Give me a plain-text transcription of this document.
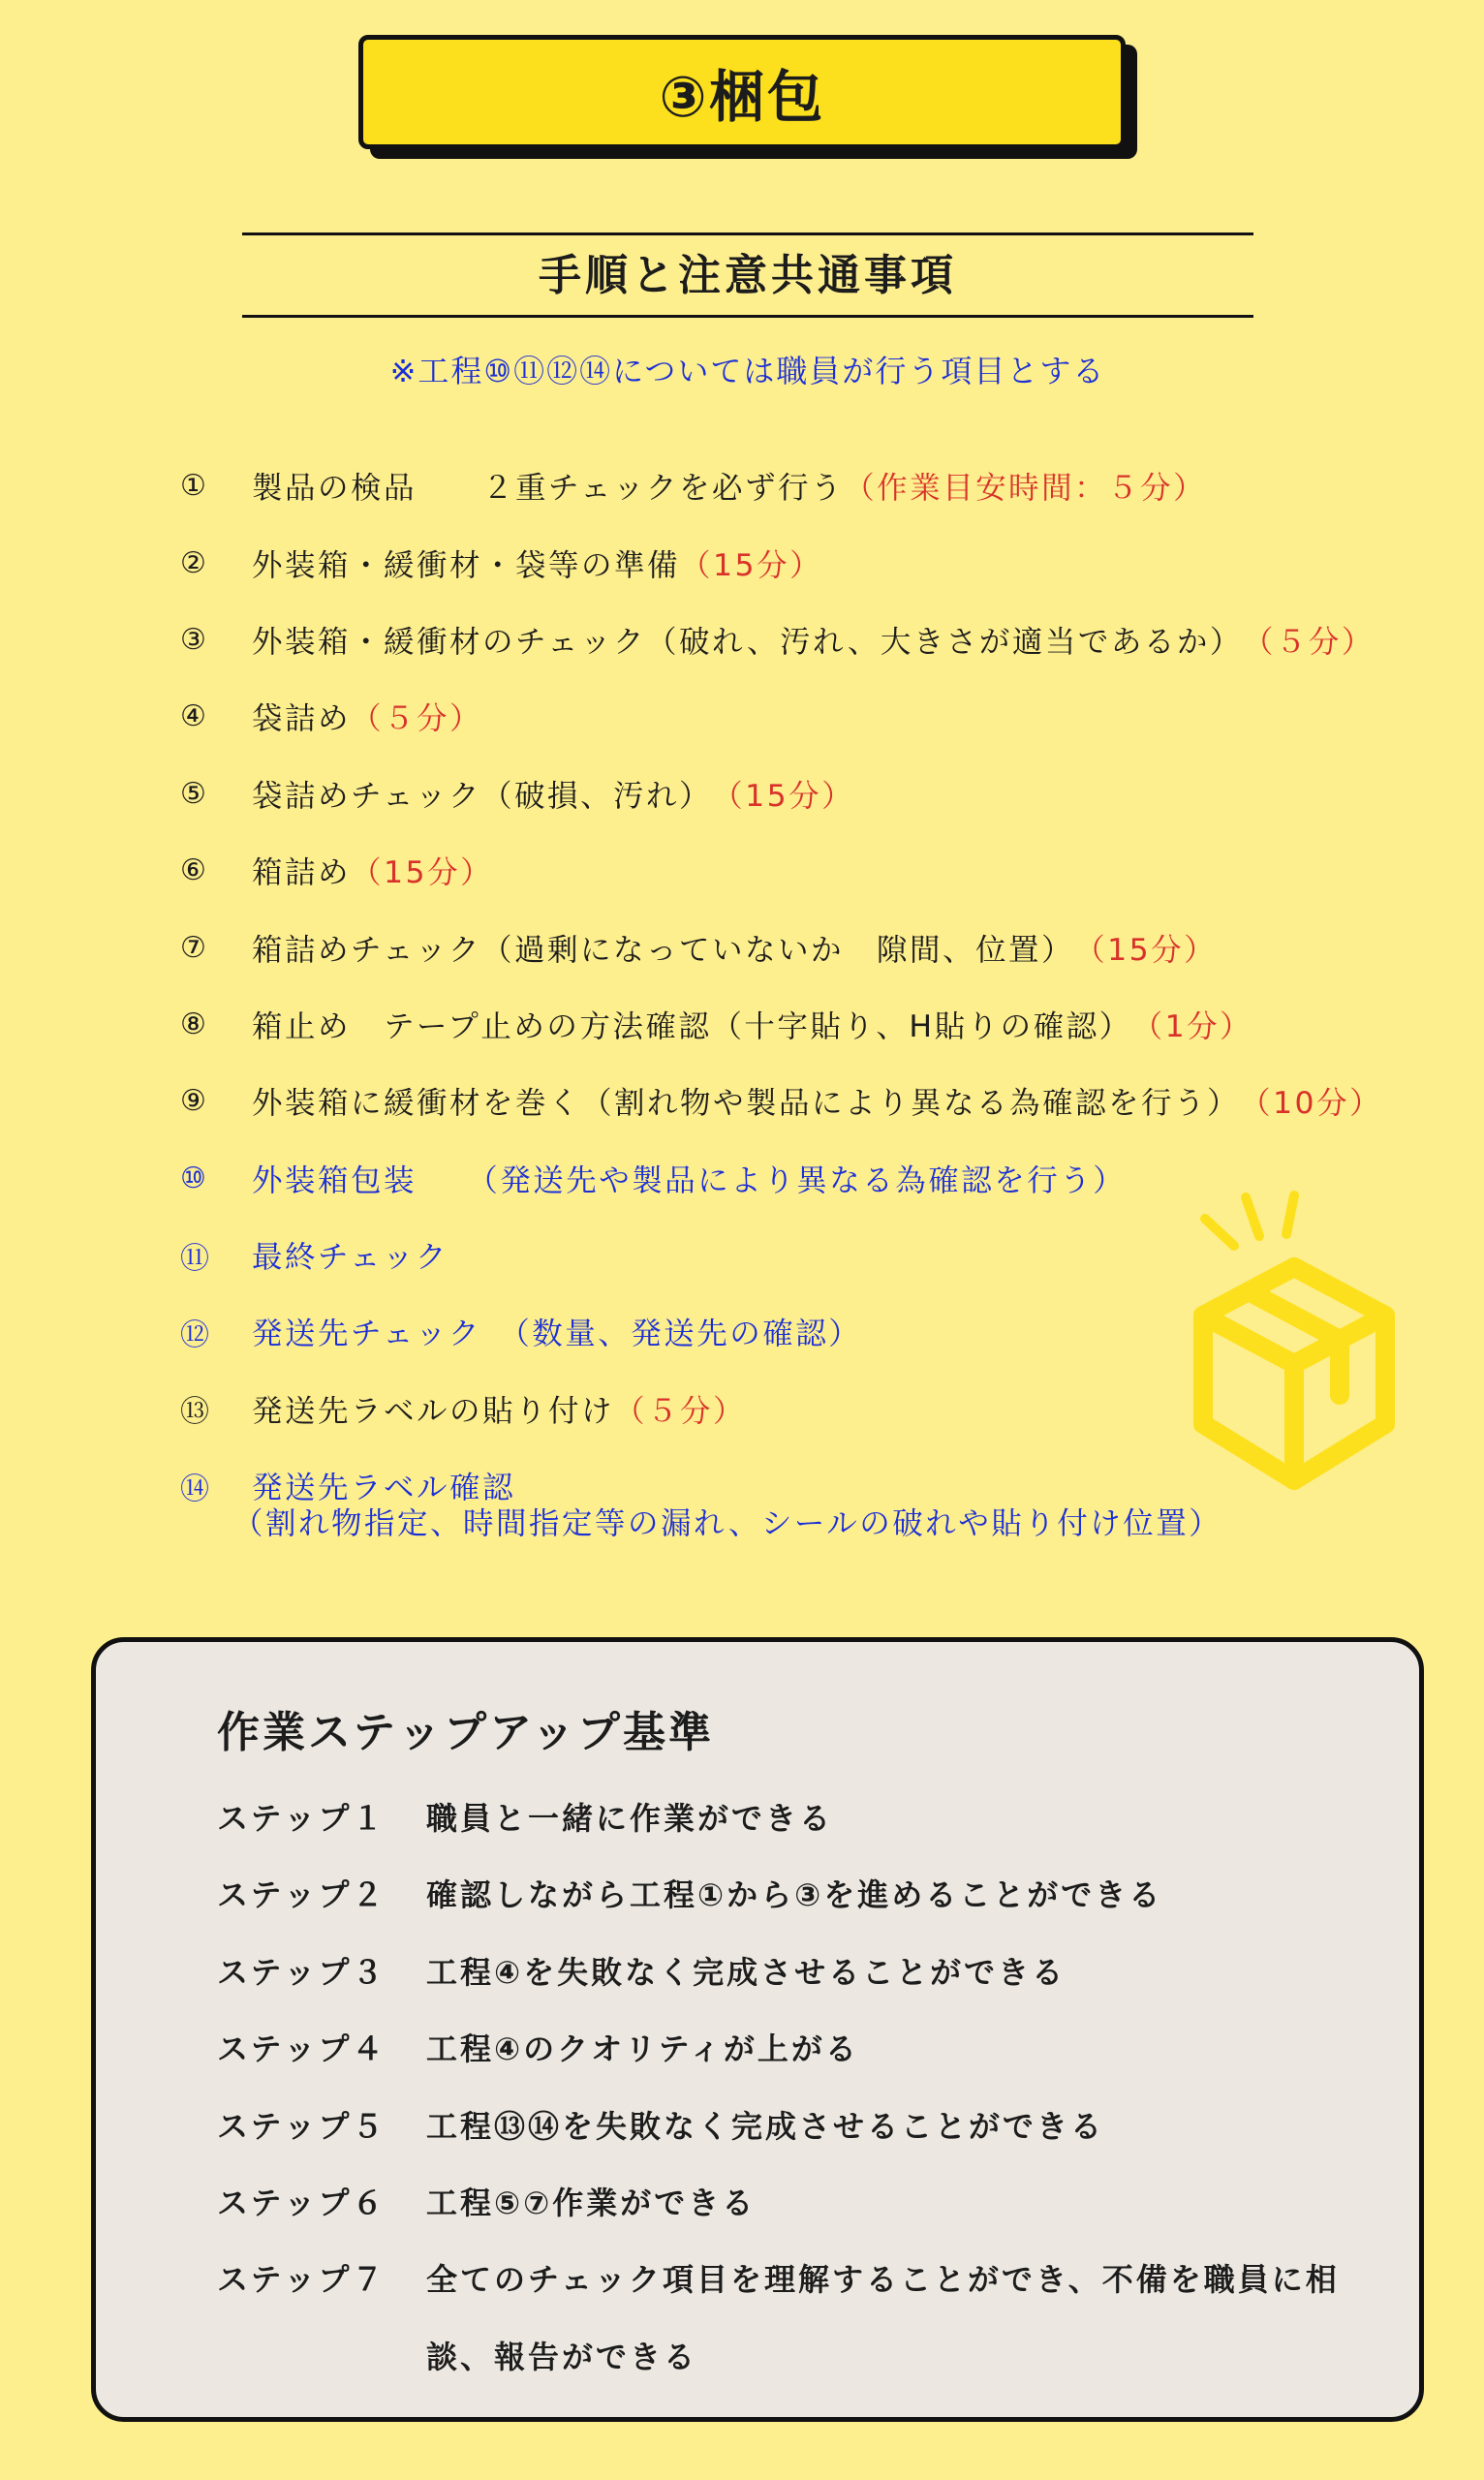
③梱包
手順と注意共通事項
※工程⑩⑪⑫⑭については職員が行う項目とする
①	製品の検品　　２重チェックを必ず行う （作業目安時間：５分）
②	外装箱・緩衝材・袋等の準備 （15分）
③	外装箱・緩衝材のチェック（破れ、汚れ、大きさが適当であるか） （５分）
④	袋詰め （５分）
⑤	袋詰めチェック（破損、汚れ） （15分）
⑥	箱詰め （15分）
⑦	箱詰めチェック（過剰になっていないか　隙間、位置） （15分）
⑧	箱止め　テープ止めの方法確認（十字貼り、H貼りの確認） （1分）
⑨	外装箱に緩衝材を巻く（割れ物や製品により異なる為確認を行う） （10分）
⑩	外装箱包装　　（発送先や製品により異なる為確認を行う）
⑪	最終チェック
⑫	発送先チェック　（数量、発送先の確認）
⑬	発送先ラベルの貼り付け （５分）
⑭	発送先ラベル確認
（割れ物指定、時間指定等の漏れ、シールの破れや貼り付け位置）
作業ステップアップ基準
ステップ１	職員と一緒に作業ができる
ステップ２	確認しながら工程①から③を進めることができる
ステップ３	工程④を失敗なく完成させることができる
ステップ４	工程④のクオリティが上がる
ステップ５	工程⑬⑭を失敗なく完成させることができる
ステップ６	工程⑤⑦作業ができる
ステップ７	全てのチェック項目を理解することができ、不備を職員に相談、報告ができる
